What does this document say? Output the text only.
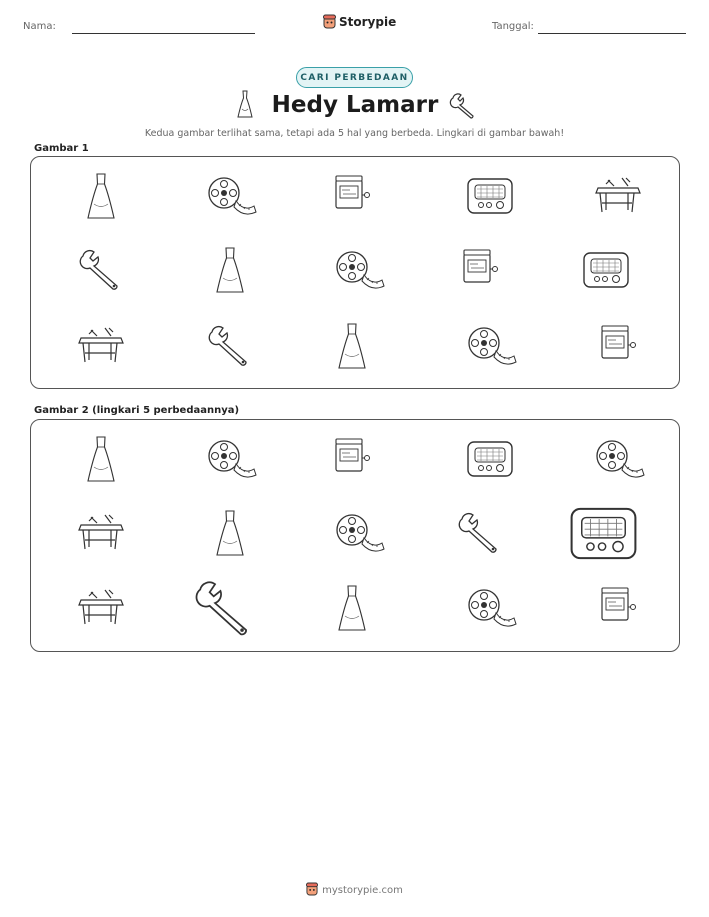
Nama:	Storypie	Tanggal:
CARI PERBEDAAN
Hedy Lamarr
Kedua gambar terlihat sama, tetapi ada 5 hal yang berbeda. Lingkari di gambar bawah!
Gambar 1
Gambar 2 (lingkari 5 perbedaannya)
mystorypie.com
